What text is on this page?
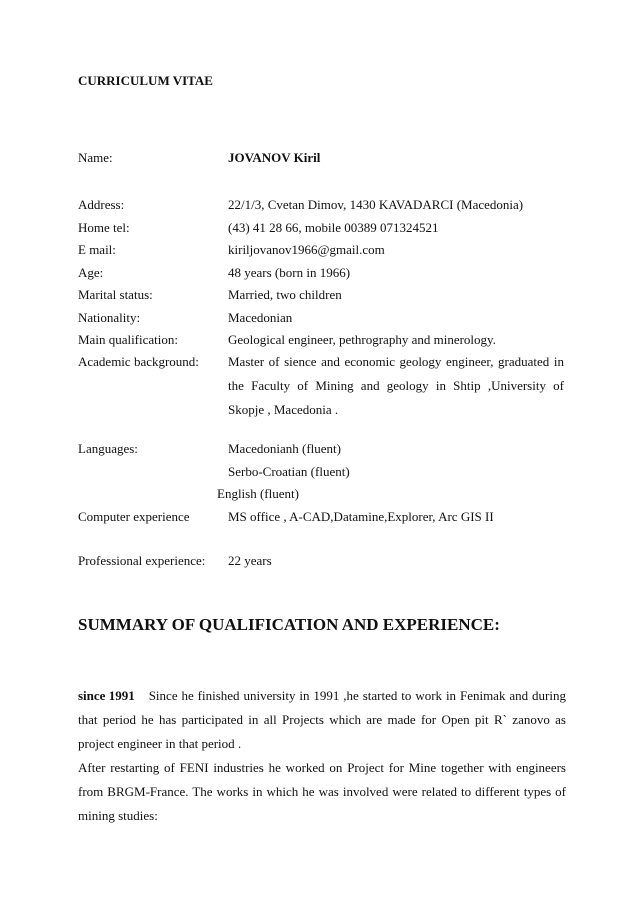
CURRICULUM VITAE
Name:	JOVANOV Kiril
Address:	22/1/3, Cvetan Dimov, 1430 KAVADARCI (Macedonia)
Home tel:	(43) 41 28 66, mobile 00389 071324521
E mail:	kiriljovanov1966@gmail.com
Age:	48 years (born in 1966)
Marital status:	Married, two children
Nationality:	Macedonian
Main qualification:	Geological engineer, pethrography and minerology.
Academic background: Master of sience and economic geology engineer, graduated in
the Faculty of Mining and geology in Shtip ,University of
Skopje , Macedonia .
Languages:	Macedonianh (fluent)
Serbo-Croatian (fluent)
English (fluent)
Computer experience	MS office , A-CAD,Datamine,Explorer, Arc GIS II
Professional experience: 22 years
SUMMARY OF QUALIFICATION AND EXPERIENCE:
since 1991 Since he finished university in 1991 ,he started to work in Fenimak and during
that period he has participated in all Projects which are made for Open pit R` zanovo as
project engineer in that period .
After restarting of FENI industries he worked on Project for Mine together with engineers
from BRGM-France. The works in which he was involved were related to different types of
mining studies:
